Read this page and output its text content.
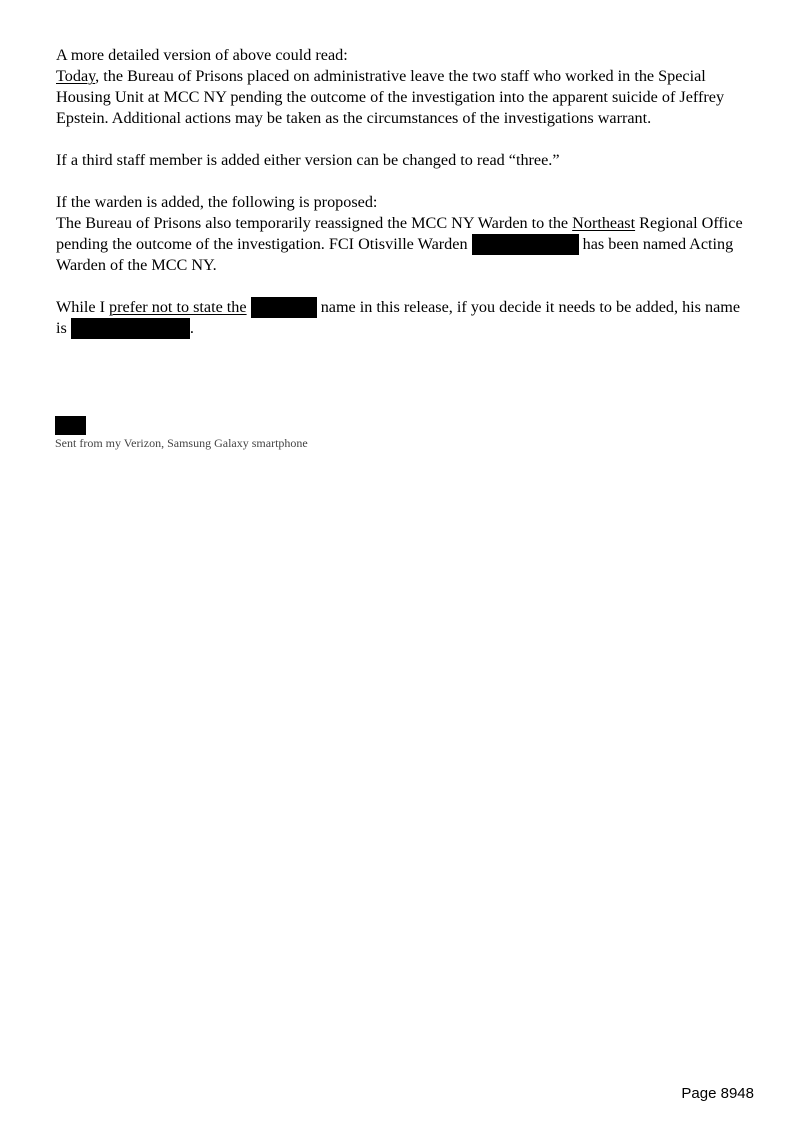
A more detailed version of above could read:
Today, the Bureau of Prisons placed on administrative leave the two staff who worked in the Special Housing Unit at MCC NY pending the outcome of the investigation into the apparent suicide of Jeffrey Epstein. Additional actions may be taken as the circumstances of the investigations warrant.

If a third staff member is added either version can be changed to read “three.”

If the warden is added, the following is proposed:
The Bureau of Prisons also temporarily reassigned the MCC NY Warden to the Northeast Regional Office pending the outcome of the investigation. FCI Otisville Warden	has been named Acting Warden of the MCC NY.

While I prefer not to state the	name in this release, if you decide it needs to be added, his name is	.

Sent from my Verizon, Samsung Galaxy smartphone
Page 8948
